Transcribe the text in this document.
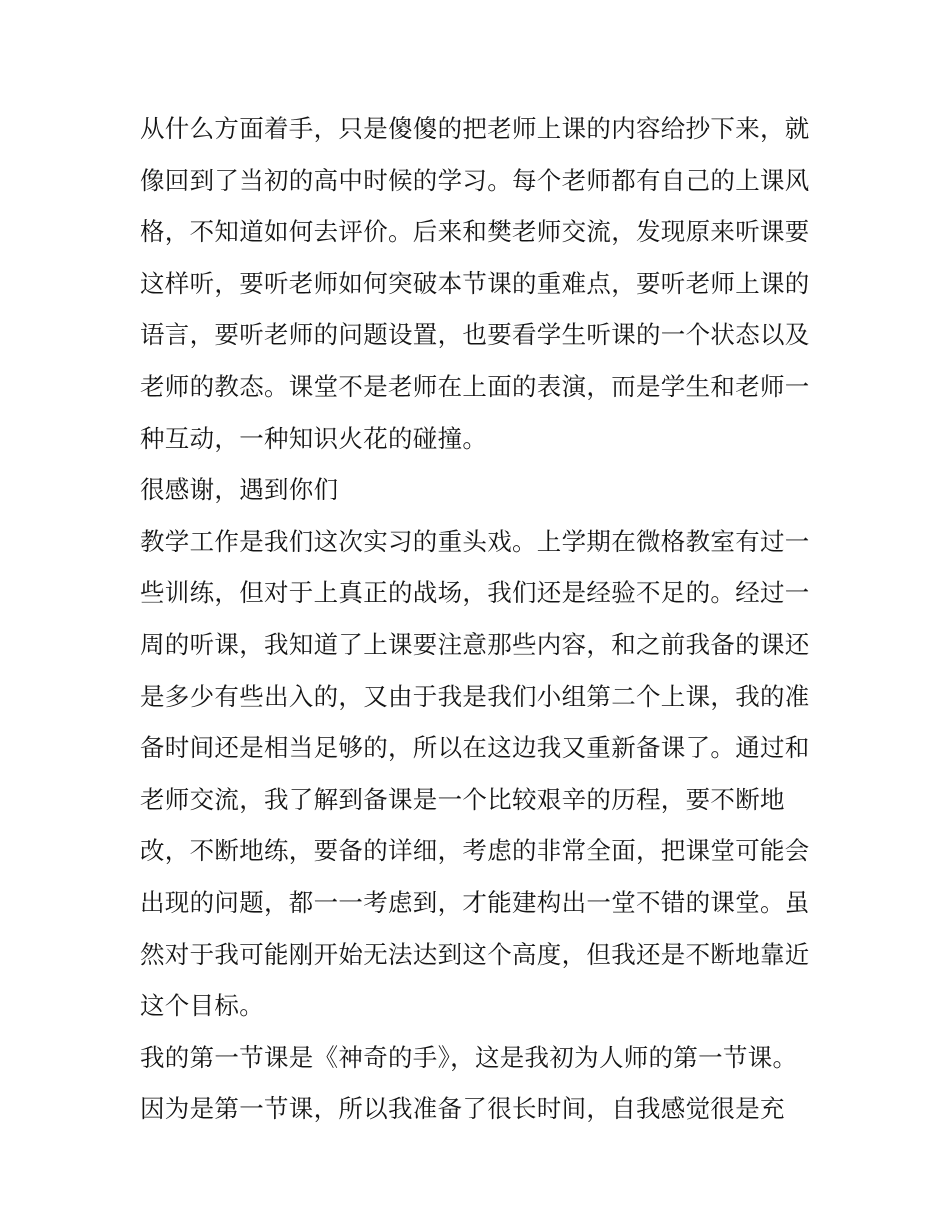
从什么方面着手，只是傻傻的把老师上课的内容给抄下来，就
像回到了当初的高中时候的学习。每个老师都有自己的上课风
格，不知道如何去评价。后来和樊老师交流，发现原来听课要
这样听，要听老师如何突破本节课的重难点，要听老师上课的
语言，要听老师的问题设置，也要看学生听课的一个状态以及
老师的教态。课堂不是老师在上面的表演，而是学生和老师一
种互动，一种知识火花的碰撞。
很感谢，遇到你们
教学工作是我们这次实习的重头戏。上学期在微格教室有过一
些训练，但对于上真正的战场，我们还是经验不足的。经过一
周的听课，我知道了上课要注意那些内容，和之前我备的课还
是多少有些出入的，又由于我是我们小组第二个上课，我的准
备时间还是相当足够的，所以在这边我又重新备课了。通过和
老师交流，我了解到备课是一个比较艰辛的历程，要不断地
改，不断地练，要备的详细，考虑的非常全面，把课堂可能会
出现的问题，都一一考虑到，才能建构出一堂不错的课堂。虽
然对于我可能刚开始无法达到这个高度，但我还是不断地靠近
这个目标。
我的第一节课是《神奇的手》，这是我初为人师的第一节课。
因为是第一节课，所以我准备了很长时间，自我感觉很是充
